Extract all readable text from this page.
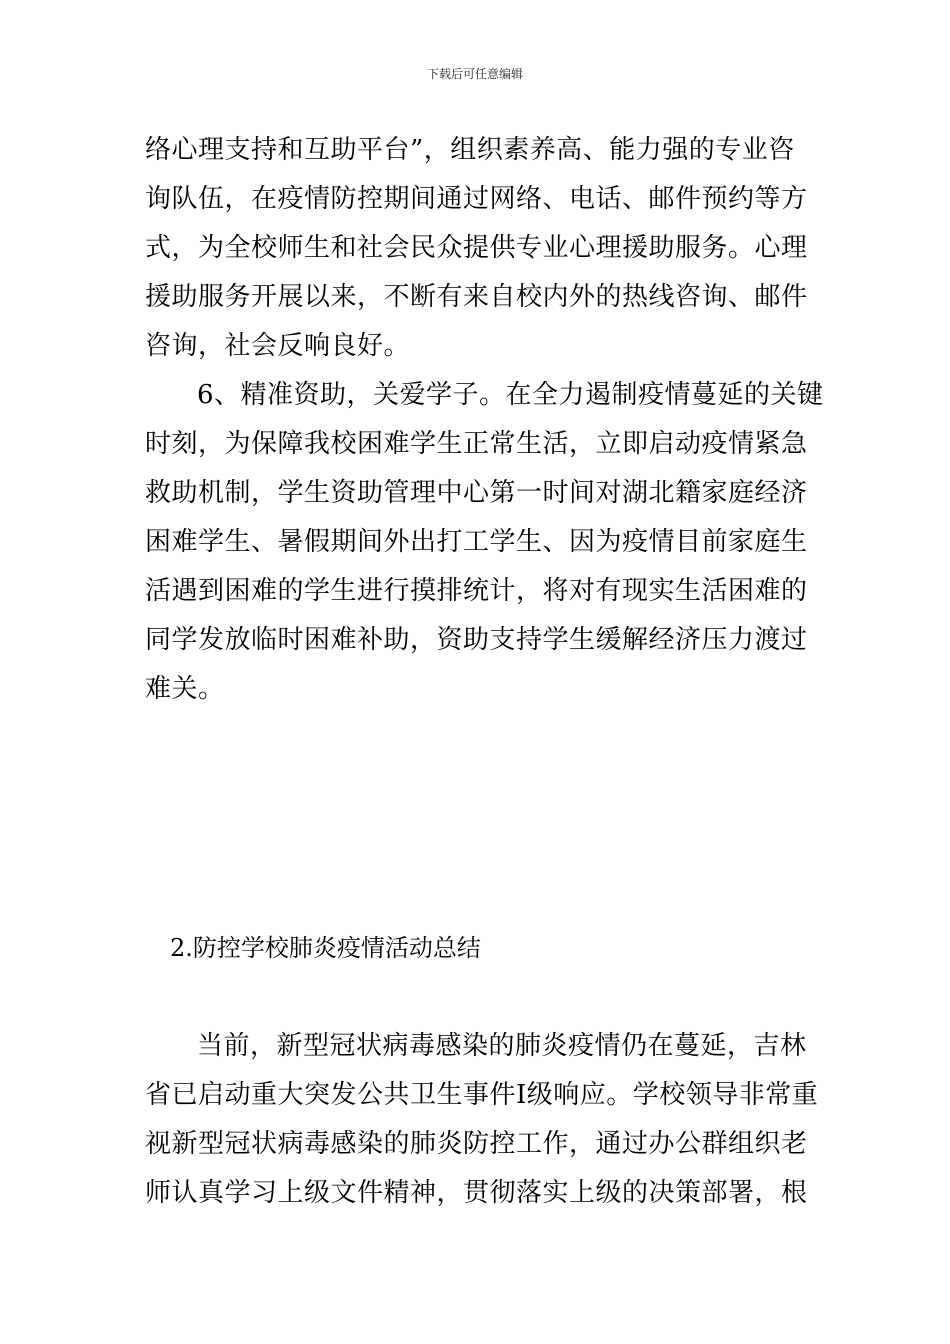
下载后可任意编辑
络心理支持和互助平台”，组织素养高、能力强的专业咨
询队伍，在疫情防控期间通过网络、电话、邮件预约等方
式，为全校师生和社会民众提供专业心理援助服务。心理
援助服务开展以来，不断有来自校内外的热线咨询、邮件
咨询，社会反响良好。
6、精准资助，关爱学子。在全力遏制疫情蔓延的关键
时刻，为保障我校困难学生正常生活，立即启动疫情紧急
救助机制，学生资助管理中心第一时间对湖北籍家庭经济
困难学生、暑假期间外出打工学生、因为疫情目前家庭生
活遇到困难的学生进行摸排统计，将对有现实生活困难的
同学发放临时困难补助，资助支持学生缓解经济压力渡过
难关。
2.防控学校肺炎疫情活动总结
当前，新型冠状病毒感染的肺炎疫情仍在蔓延，吉林
省已启动重大突发公共卫生事件Ⅰ级响应。学校领导非常重
视新型冠状病毒感染的肺炎防控工作，通过办公群组织老
师认真学习上级文件精神，贯彻落实上级的决策部署，根
